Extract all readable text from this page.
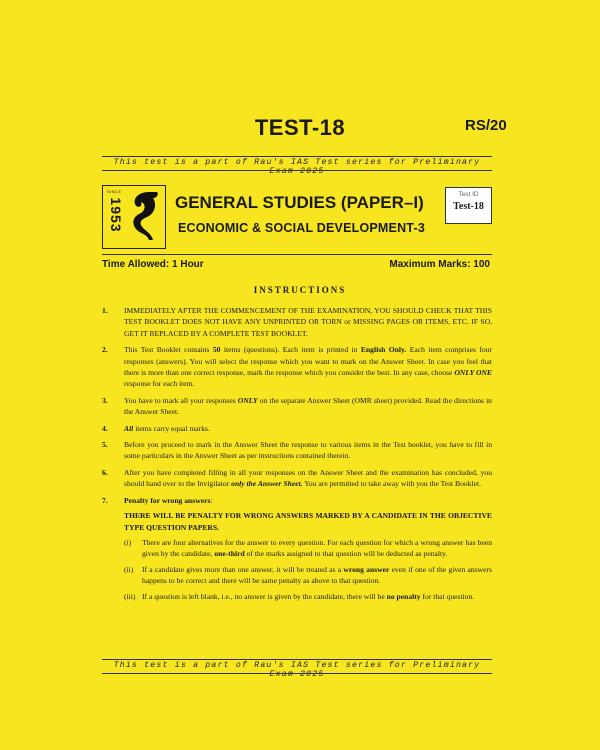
TEST-18	RS/20
This test is a part of Rau's IAS Test series for Preliminary Exam 2025
SINCE
1953	GENERAL STUDIES (PAPER–I)
ECONOMIC & SOCIAL DEVELOPMENT-3
Test ID
Test-18
Time Allowed: 1 Hour	Maximum Marks: 100
INSTRUCTIONS
1. IMMEDIATELY AFTER THE COMMENCEMENT OF THE EXAMINATION, YOU SHOULD CHECK THAT THIS TEST BOOKLET DOES NOT HAVE ANY UNPRINTED OR TORN or MISSING PAGES OR ITEMS, ETC. IF SO, GET IT REPLACED BY A COMPLETE TEST BOOKLET.
2. This Test Booklet contains 50 items (questions). Each item is printed in English Only. Each item comprises four responses (answers). You will select the response which you want to mark on the Answer Sheet. In case you feel that there is more than one correct response, mark the response which you consider the best. In any case, choose ONLY ONE response for each item.
3. You have to mark all your responses ONLY on the separate Answer Sheet (OMR sheet) provided. Read the directions in the Answer Sheet.
4. All items carry equal marks.
5. Before you proceed to mark in the Answer Sheet the response to various items in the Test booklet, you have to fill in some particulars in the Answer Sheet as per instructions contained therein.
6. After you have completed filling in all your responses on the Answer Sheet and the examination has concluded, you should hand over to the Invigilator only the Answer Sheet. You are permitted to take away with you the Test Booklet.
7. Penalty for wrong answers:
THERE WILL BE PENALTY FOR WRONG ANSWERS MARKED BY A CANDIDATE IN THE OBJECTIVE TYPE QUESTION PAPERS.
(i) There are four alternatives for the answer to every question. For each question for which a wrong answer has been given by the candidate, one-third of the marks assigned to that question will be deducted as penalty.
(ii) If a candidate gives more than one answer, it will be treated as a wrong answer even if one of the given answers happens to be correct and there will be same penalty as above to that question.
(iii) If a question is left blank, i.e., no answer is given by the candidate, there will be no penalty for that question.
This test is a part of Rau's IAS Test series for Preliminary Exam 2025
